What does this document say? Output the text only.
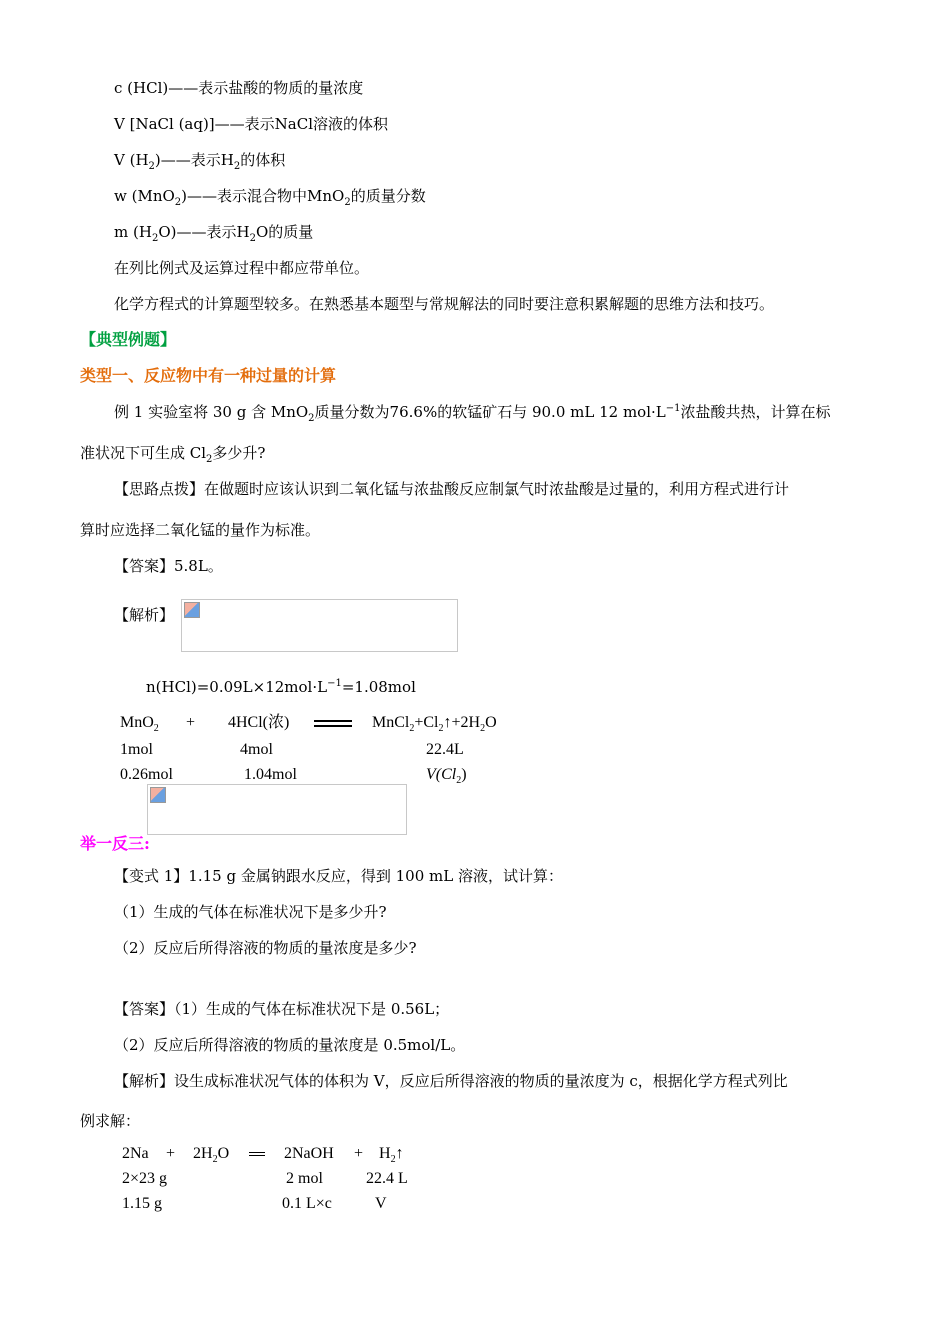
c (HCl)——表示盐酸的物质的量浓度
V [NaCl (aq)]——表示NaCl溶液的体积
V $(H_2)——$表示$H_2$的体积
w (MnO$_2$)——表示混合物中MnO$_2$的质量分数
m $(H_2O)——$表示$H_2O$的质量
在列比例式及运算过程中都应带单位。
化学方程式的计算题型较多。在熟悉基本题型与常规解法的同时要注意积累解题的思维方法和技巧。
【典型例题】
类型一、反应物中有一种过量的计算
例 1 实验室将 30 g 含 MnO$_2$质量分数为76.6%的软锰矿石与 90.0 mL 12 $mol\cdot L^{-1}$浓盐酸共热，计算在标
准状况下可生成 $Cl_2$多少升?
【思路点拨】在做题时应该认识到二氧化锰与浓盐酸反应制氯气时浓盐酸是过量的，利用方程式进行计
算时应选择二氧化锰的量作为标准。
【答案】5.8L。
【解析】
$n(HCl)=0.09L\times 12mol\cdot L^{-1}=1.08mol$
MnO$_2$ + 4HCl(浓)	$MnCl_2+Cl_2↑+2H_2O$
1mol	4mol	22.4L
0.26mol	1.04mol	$V(Cl_2)$
举一反三:
【变式 1】1.15 g 金属钠跟水反应，得到 100 mL 溶液，试计算：
（1）生成的气体在标准状况下是多少升?
（2）反应后所得溶液的物质的量浓度是多少?
【答案】（1）生成的气体在标准状况下是 0.56L；
（2）反应后所得溶液的物质的量浓度是 0.5mol/L。
【解析】设生成标准状况气体的体积为 V，反应后所得溶液的物质的量浓度为 c，根据化学方程式列比
例求解：
$2Na + 2H_2O$	2NaOH + $H_2↑$
2×23 g	2 mol	22.4 L
1.15 g	0.1 L×c	V
